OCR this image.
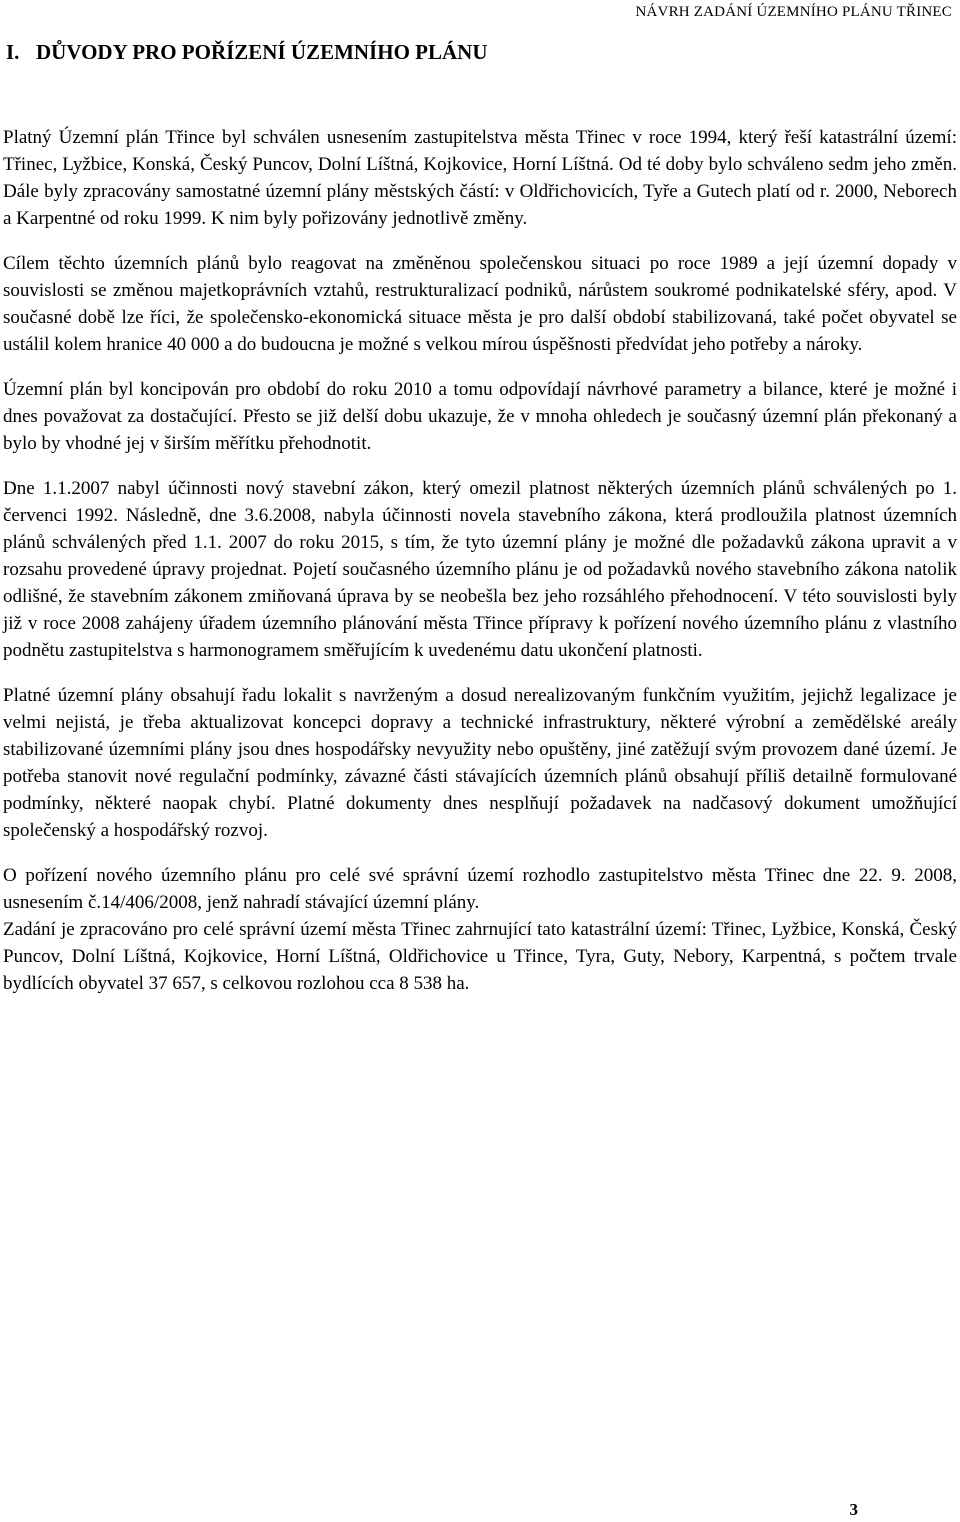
NÁVRH ZADÁNÍ ÚZEMNÍHO PLÁNU TŘINEC
I. DŮVODY PRO POŘÍZENÍ ÚZEMNÍHO PLÁNU

Platný Územní plán Třince byl schválen usnesením zastupitelstva města Třinec v roce 1994, který řeší katastrální území: Třinec, Lyžbice, Konská, Český Puncov, Dolní Líštná, Kojkovice, Horní Líštná. Od té doby bylo schváleno sedm jeho změn. Dále byly zpracovány samostatné územní plány městských částí: v Oldřichovicích, Tyře a Gutech platí od r. 2000, Neborech a Karpentné od roku 1999. K nim byly pořizovány jednotlivě změny.

Cílem těchto územních plánů bylo reagovat na změněnou společenskou situaci po roce 1989 a její územní dopady v souvislosti se změnou majetkoprávních vztahů, restrukturalizací podniků, nárůstem soukromé podnikatelské sféry, apod. V současné době lze říci, že společensko-ekonomická situace města je pro další období stabilizovaná, také počet obyvatel se ustálil kolem hranice 40 000 a do budoucna je možné s velkou mírou úspěšnosti předvídat jeho potřeby a nároky.

Územní plán byl koncipován pro období do roku 2010 a tomu odpovídají návrhové parametry a bilance, které je možné i dnes považovat za dostačující. Přesto se již delší dobu ukazuje, že v mnoha ohledech je současný územní plán překonaný a bylo by vhodné jej v širším měřítku přehodnotit.

Dne 1.1.2007 nabyl účinnosti nový stavební zákon, který omezil platnost některých územních plánů schválených po 1. červenci 1992. Následně, dne 3.6.2008, nabyla účinnosti novela stavebního zákona, která prodloužila platnost územních plánů schválených před 1.1. 2007 do roku 2015, s tím, že tyto územní plány je možné dle požadavků zákona upravit a v rozsahu provedené úpravy projednat. Pojetí současného územního plánu je od požadavků nového stavebního zákona natolik odlišné, že stavebním zákonem zmiňovaná úprava by se neobešla bez jeho rozsáhlého přehodnocení. V této souvislosti byly již v roce 2008 zahájeny úřadem územního plánování města Třince přípravy k pořízení nového územního plánu z vlastního podnětu zastupitelstva s harmonogramem směřujícím k uvedenému datu ukončení platnosti.

Platné územní plány obsahují řadu lokalit s navrženým a dosud nerealizovaným funkčním využitím, jejichž legalizace je velmi nejistá, je třeba aktualizovat koncepci dopravy a technické infrastruktury, některé výrobní a zemědělské areály stabilizované územními plány jsou dnes hospodářsky nevyužity nebo opuštěny, jiné zatěžují svým provozem dané území. Je potřeba stanovit nové regulační podmínky, závazné části stávajících územních plánů obsahují příliš detailně formulované podmínky, některé naopak chybí. Platné dokumenty dnes nesplňují požadavek na nadčasový dokument umožňující společenský a hospodářský rozvoj.

O pořízení nového územního plánu pro celé své správní území rozhodlo zastupitelstvo města Třinec dne 22. 9. 2008, usnesením č.14/406/2008, jenž nahradí stávající územní plány.

Zadání je zpracováno pro celé správní území města Třinec zahrnující tato katastrální území: Třinec, Lyžbice, Konská, Český Puncov, Dolní Líštná, Kojkovice, Horní Líštná, Oldřichovice u Třince, Tyra, Guty, Nebory, Karpentná, s počtem trvale bydlících obyvatel 37 657, s celkovou rozlohou cca 8 538 ha.

3
